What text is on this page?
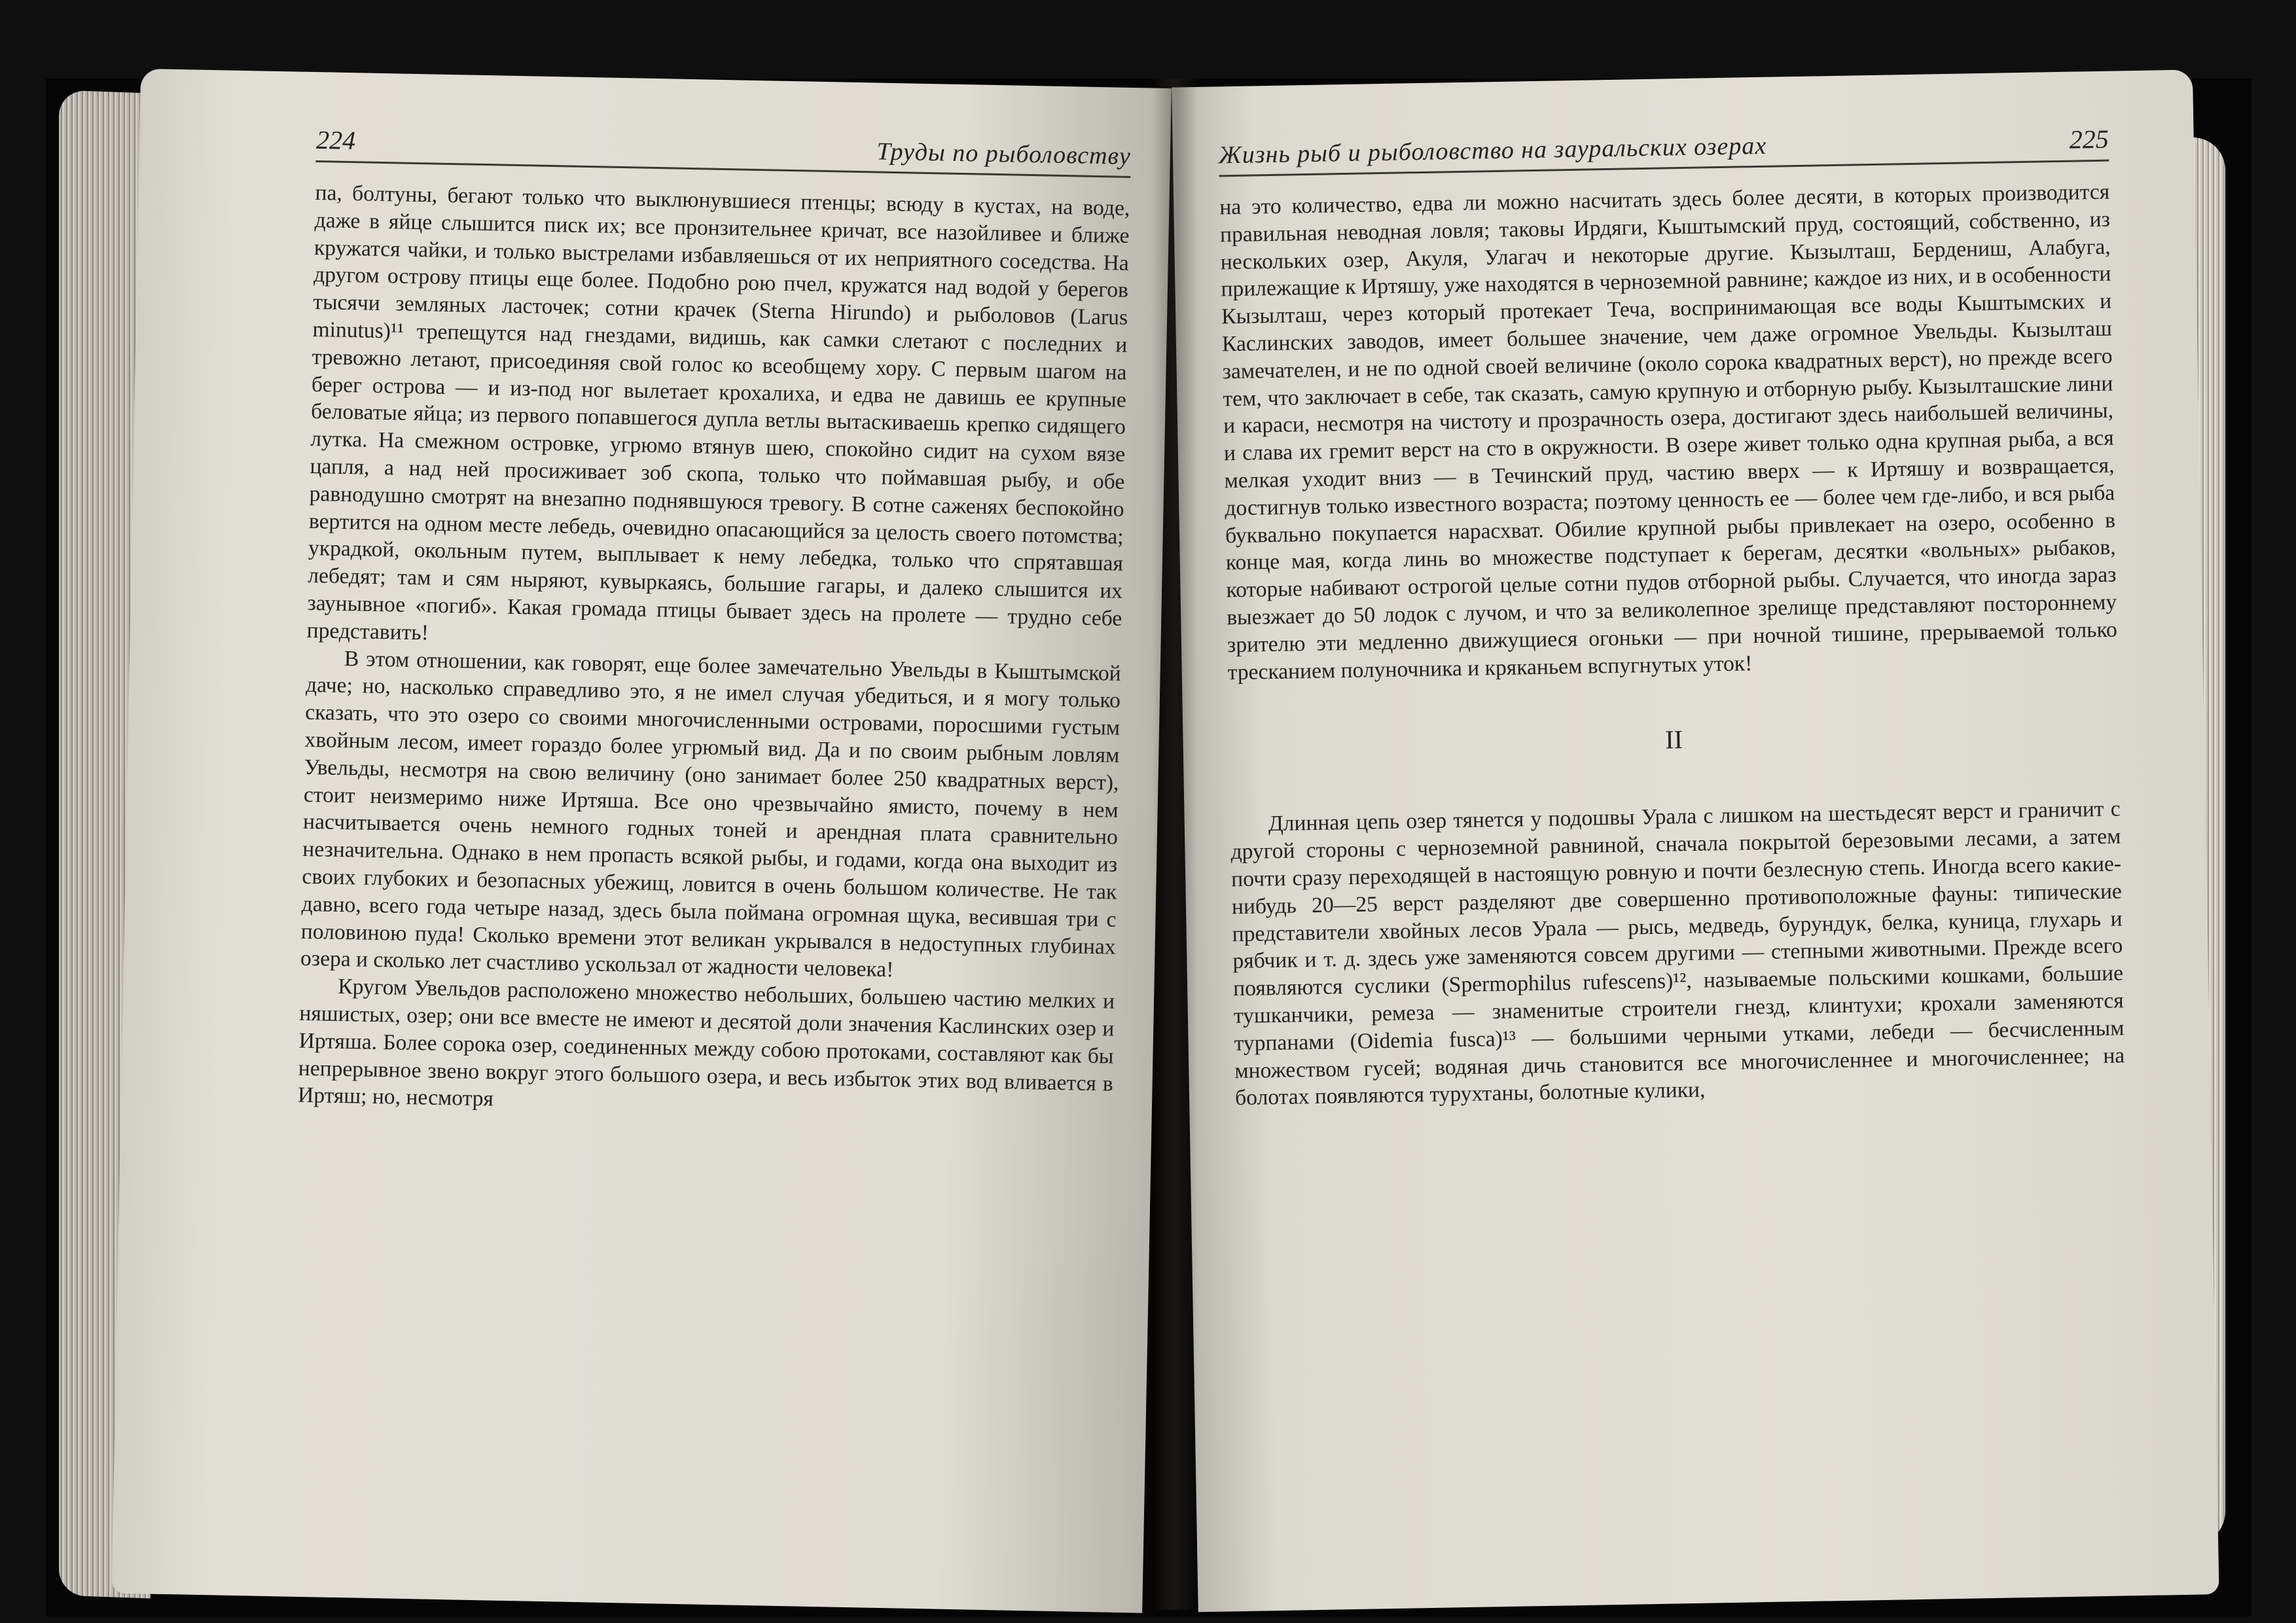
224	Труды по рыболовству

па, болтуны, бегают только что выклюнувшиеся птенцы; всюду в кустах, на воде, даже в яйце слышится писк их; все пронзительнее кричат, все назойливее и ближе кружатся чайки, и только выстрелами избавляешься от их неприятного соседства. На другом острову птицы еще более. Подобно рою пчел, кружатся над водой у берегов тысячи земляных ласточек; сотни крачек (Sterna Hirundo) и рыболовов (Larus minutus)¹¹ трепещутся над гнездами, видишь, как самки слетают с последних и тревожно летают, присоединяя свой голос ко всеобщему хору. С первым шагом на берег острова — и из-под ног вылетает крохалиха, и едва не давишь ее крупные беловатые яйца; из первого попавшегося дупла ветлы вытаскиваешь крепко сидящего лутка. На смежном островке, угрюмо втянув шею, спокойно сидит на сухом вязе цапля, а над ней просиживает зоб скопа, только что поймавшая рыбу, и обе равнодушно смотрят на внезапно поднявшуюся тревогу. В сотне саженях беспокойно вертится на одном месте лебедь, очевидно опасающийся за целость своего потомства; украдкой, окольным путем, выплывает к нему лебедка, только что спрятавшая лебедят; там и сям ныряют, кувыркаясь, большие гагары, и далеко слышится их заунывное «погиб». Какая громада птицы бывает здесь на пролете — трудно себе представить!

В этом отношении, как говорят, еще более замечательно Увельды в Кыштымской даче; но, насколько справедливо это, я не имел случая убедиться, и я могу только сказать, что это озеро со своими многочисленными островами, поросшими густым хвойным лесом, имеет гораздо более угрюмый вид. Да и по своим рыбным ловлям Увельды, несмотря на свою величину (оно занимает более 250 квадратных верст), стоит неизмеримо ниже Иртяша. Все оно чрезвычайно ямисто, почему в нем насчитывается очень немного годных тоней и арендная плата сравнительно незначительна. Однако в нем пропасть всякой рыбы, и годами, когда она выходит из своих глубоких и безопасных убежищ, ловится в очень большом количестве. Не так давно, всего года четыре назад, здесь была поймана огромная щука, весившая три с половиною пуда! Сколько времени этот великан укрывался в недоступных глубинах озера и сколько лет счастливо ускользал от жадности человека!

Кругом Увельдов расположено множество небольших, большею частию мелких и няшистых, озер; они все вместе не имеют и десятой доли значения Каслинских озер и Иртяша. Более сорока озер, соединенных между собою протоками, составляют как бы непрерывное звено вокруг этого большого озера, и весь избыток этих вод вливается в Иртяш; но, несмотря

Жизнь рыб и рыболовство на зауральских озерах	225

на это количество, едва ли можно насчитать здесь более десяти, в которых производится правильная неводная ловля; таковы Ирдяги, Кыштымский пруд, состоящий, собственно, из нескольких озер, Акуля, Улагач и некоторые другие. Кызылташ, Бердениш, Алабуга, прилежащие к Иртяшу, уже находятся в черноземной равнине; каждое из них, и в особенности Кызылташ, через который протекает Теча, воспринимающая все воды Кыштымских и Каслинских заводов, имеет большее значение, чем даже огромное Увельды. Кызылташ замечателен, и не по одной своей величине (около сорока квадратных верст), но прежде всего тем, что заключает в себе, так сказать, самую крупную и отборную рыбу. Кызылташские лини и караси, несмотря на чистоту и прозрачность озера, достигают здесь наибольшей величины, и слава их гремит верст на сто в окружности. В озере живет только одна крупная рыба, а вся мелкая уходит вниз — в Течинский пруд, частию вверх — к Иртяшу и возвращается, достигнув только известного возраста; поэтому ценность ее — более чем где-либо, и вся рыба буквально покупается нарасхват. Обилие крупной рыбы привлекает на озеро, особенно в конце мая, когда линь во множестве подступает к берегам, десятки «вольных» рыбаков, которые набивают острогой целые сотни пудов отборной рыбы. Случается, что иногда зараз выезжает до 50 лодок с лучом, и что за великолепное зрелище представляют постороннему зрителю эти медленно движущиеся огоньки — при ночной тишине, прерываемой только треcканием полуночника и кряканьем вспугнутых уток!

II

Длинная цепь озер тянется у подошвы Урала с лишком на шестьдесят верст и граничит с другой стороны с черноземной равниной, сначала покрытой березовыми лесами, а затем почти сразу переходящей в настоящую ровную и почти безлесную степь. Иногда всего какие-нибудь 20—25 верст разделяют две совершенно противоположные фауны: типические представители хвойных лесов Урала — рысь, медведь, бурундук, белка, куница, глухарь и рябчик и т. д. здесь уже заменяются совсем другими — степными животными. Прежде всего появляются суслики (Spermophilus rufescens)¹², называемые польскими кошками, большие тушканчики, ремеза — знаменитые строители гнезд, клинтухи; крохали заменяются турпанами (Oidemia fusca)¹³ — большими черными утками, лебеди — бесчисленным множеством гусей; водяная дичь становится все многочисленнее и многочисленнее; на болотах появляются турухтаны, болотные кулики,
